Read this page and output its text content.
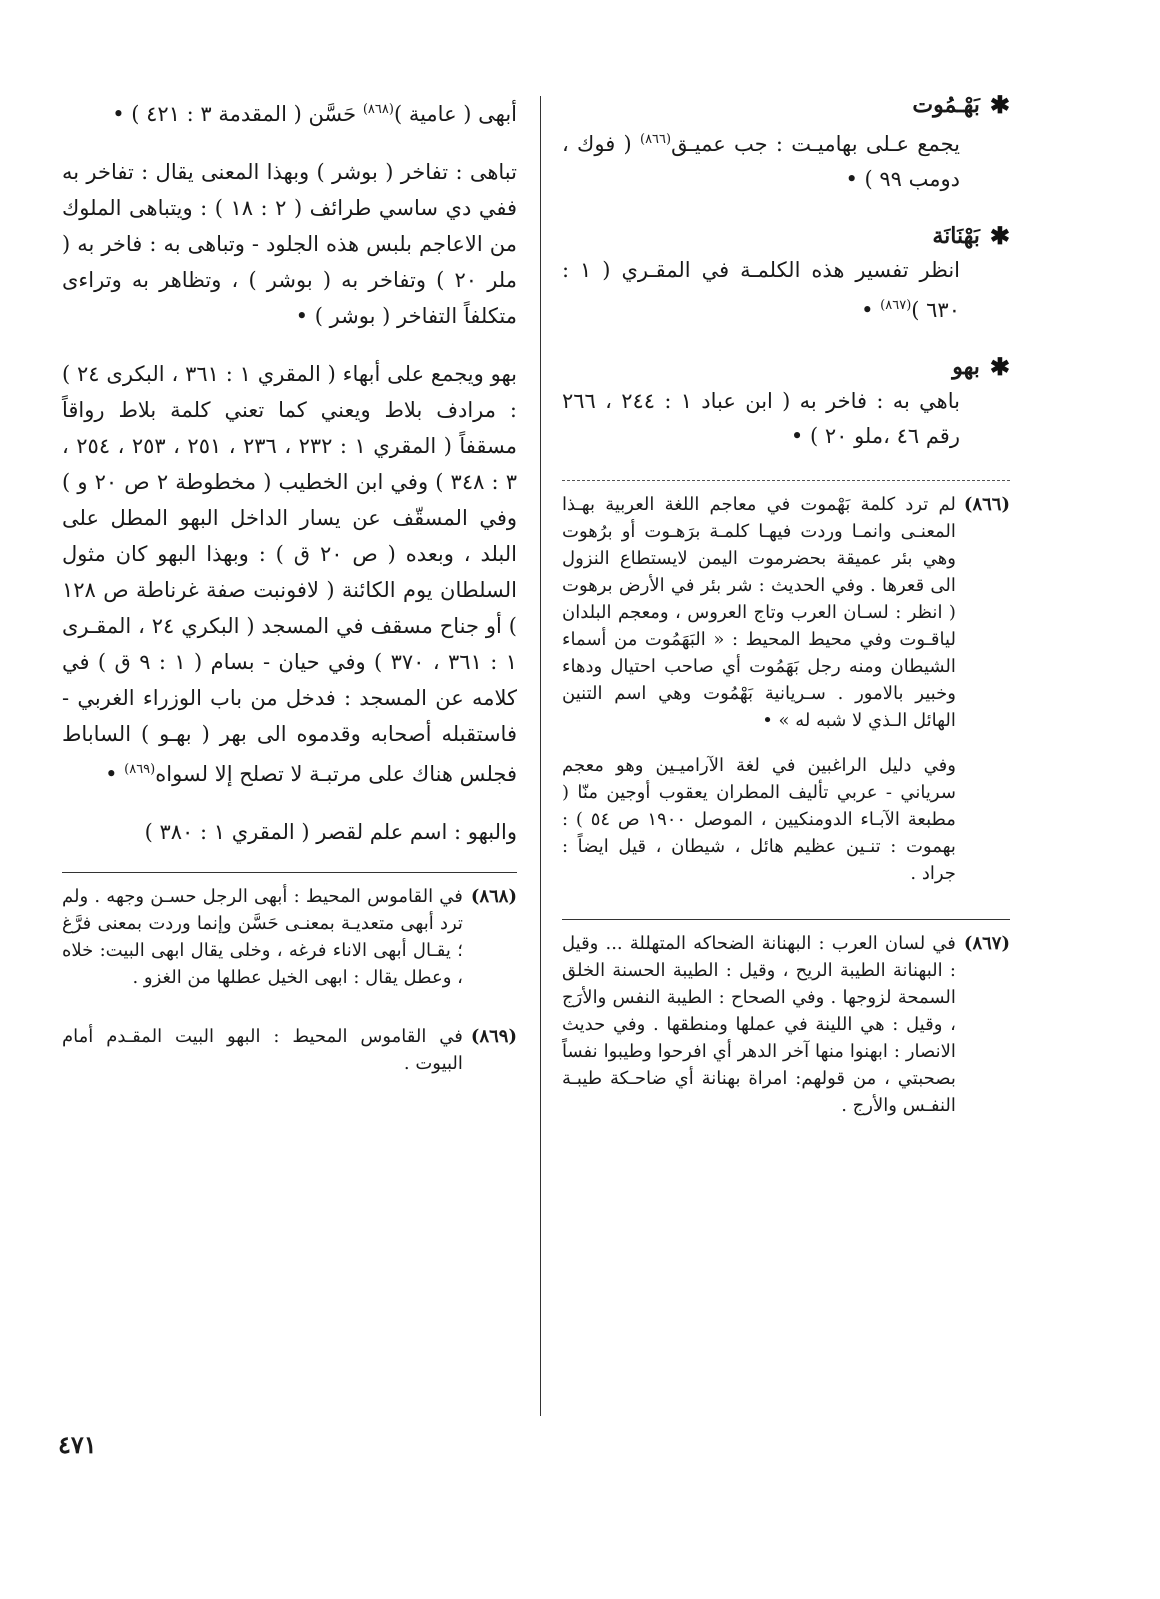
✱
بَهْـمُوت
يجمع عـلى بهاميـت : جب عميـق$^{(٨٦٦)}$ ( فوك ، دومب ٩٩ ) •
✱
بَهْنَانَة
انظر تفسير هذه الكلمـة في المقـري ( ١ : ٦٣٠ )$^{(٨٦٧)}$ •
✱
بهو
باهي به : فاخر به ( ابن عباد ١ : ٢٤٤ ، ٢٦٦ رقم ٤٦ ،ملو ٢٠ ) •
(٨٦٦)

لم ترد كلمة بَهْموت في معاجم اللغة العربية بهـذا المعنـى وانمـا وردت فيهـا كلمـة برَهـوت أو برُهوت وهي بئر عميقة بحضرموت اليمن لايستطاع النزول الى قعرها . وفي الحديث : شر بئر في الأرض برهوت ( انظر : لسـان العرب وتاج العروس ، ومعجم البلدان لياقـوت وفي محيط المحيط : « البَهَمُوت من أسماء الشيطان ومنه رجل بَهَمُوت أي صاحب احتيال ودهاء وخبير بالامور . سـريانية بَهْمُوت وهي اسم التنين الهائل الـذي لا شبه له » •

وفي دليل الراغبين في لغة الآراميـين وهو معجم سرياني - عربي تأليف المطران يعقوب أوجين منّا ( مطبعة الآبـاء الدومنكيين ، الموصل ١٩٠٠ ص ٥٤ ) : بهموت : تنـين عظيم هائل ، شيطان ، قيل ايضاً : جراد .

(٨٦٧)

في لسان العرب : البهنانة الضحاكه المتهللة ... وقيل : البهنانة الطيبة الريح ، وقيل : الطيبة الحسنة الخلق السمحة لزوجها . وفي الصحاح : الطيبة النفس والأرَج ، وقيل : هي اللينة في عملها ومنطقها . وفي حديث الانصار : ابهنوا منها آخر الدهر أي افرحوا وطيبوا نفساً بصحبتي ، من قولهم: امراة بهنانة أي ضاحـكة طيبـة النفـس والأرج .

أبهى ( عامية )$^{(٨٦٨)}$ حَسَّن ( المقدمة ٣ : ٤٢١ ) •
تباهى : تفاخر ( بوشر ) وبهذا المعنى يقال : تفاخر به ففي دي ساسي طرائف ( ٢ : ١٨ ) : ويتباهى الملوك من الاعاجم بلبس هذه الجلود - وتباهى به : فاخر به ( ملر ٢٠ ) وتفاخر به ( بوشر ) ، وتظاهر به وتراءى متكلفاً التفاخر ( بوشر ) •
بهو ويجمع على أبهاء ( المقري ١ : ٣٦١ ، البكرى ٢٤ ) : مرادف بلاط ويعني كما تعني كلمة بلاط رواقاً مسقفاً ( المقري ١ : ٢٣٢ ، ٢٣٦ ، ٢٥١ ، ٢٥٣ ، ٢٥٤ ، ٣ : ٣٤٨ ) وفي ابن الخطيب ( مخطوطة ٢ ص ٢٠ و ) وفي المسقّف عن يسار الداخل البهو المطل على البلد ، وبعده ( ص ٢٠ ق ) : وبهذا البهو كان مثول السلطان يوم الكائنة ( لافونبت صفة غرناطة ص ١٢٨ ) أو جناح مسقف في المسجد ( البكري ٢٤ ، المقـرى ١ : ٣٦١ ، ٣٧٠ ) وفي حيان - بسام ( ١ : ٩ ق ) في كلامه عن المسجد : فدخل من باب الوزراء الغربي - فاستقبله أصحابه وقدموه الى بهر ( بهـو ) الساباط فجلس هناك على مرتبـة لا تصلح إلا لسواه$^{(٨٦٩)}$ •
والبهو : اسم علم لقصر ( المقري ١ : ٣٨٠ )
(٨٦٨)

في القاموس المحيط : أبهى الرجل حسـن وجهه . ولم ترد أبهى متعديـة بمعنـى حَسَّن وإنما وردت بمعنى فرَّغ ؛ يقـال أبهى الاناء فرغه ، وخلى يقال ابهى البيت: خلاه ، وعطل يقال : ابهى الخيل عطلها من الغزو .

(٨٦٩)

في القاموس المحيط : البهو البيت المقـدم أمام البيوت .

٤٧١
